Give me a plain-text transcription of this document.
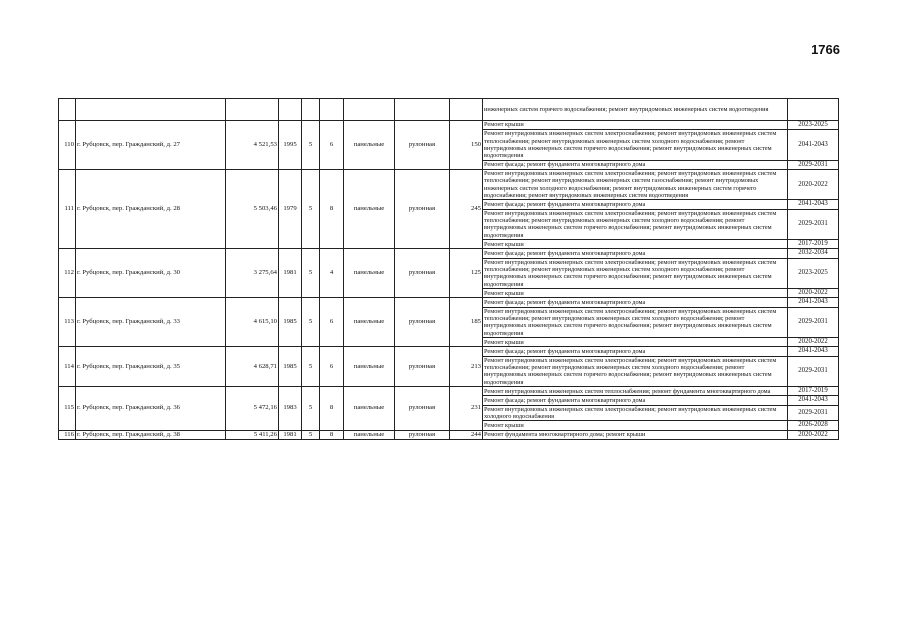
1766
									инженерных систем горячего водоснабжения; ремонт внутридомовых инженерных систем водоотведения	
110	г. Рубцовск, пер. Гражданский, д. 27	4 521,53	1995	5	6	панельные	рулонная	150	Ремонт крыши	2023-2025
									Ремонт внутридомовых инженерных систем электроснабжения; ремонт внутридомовых инженерных систем теплоснабжения; ремонт внутридомовых инженерных систем холодного водоснабжения; ремонт внутридомовых инженерных систем горячего водоснабжения; ремонт внутридомовых инженерных систем водоотведения	2041-2043
									Ремонт фасада; ремонт фундамента многоквартирного дома	2029-2031
111	г. Рубцовск, пер. Гражданский, д. 28	5 503,46	1979	5	8	панельные	рулонная	245	Ремонт внутридомовых инженерных систем электроснабжения; ремонт внутридомовых инженерных систем теплоснабжения; ремонт внутридомовых инженерных систем газоснабжения; ремонт внутридомовых инженерных систем холодного водоснабжения; ремонт внутридомовых инженерных систем горячего водоснабжения; ремонт внутридомовых инженерных систем водоотведения	2020-2022
									Ремонт фасада; ремонт фундамента многоквартирного дома	2041-2043
									Ремонт внутридомовых инженерных систем электроснабжения; ремонт внутридомовых инженерных систем теплоснабжения; ремонт внутридомовых инженерных систем холодного водоснабжения; ремонт внутридомовых инженерных систем горячего водоснабжения; ремонт внутридомовых инженерных систем водоотведения	2029-2031
									Ремонт крыши	2017-2019
112	г. Рубцовск, пер. Гражданский, д. 30	3 275,64	1981	5	4	панельные	рулонная	125	Ремонт фасада; ремонт фундамента многоквартирного дома	2032-2034
									Ремонт внутридомовых инженерных систем электроснабжения; ремонт внутридомовых инженерных систем теплоснабжения; ремонт внутридомовых инженерных систем холодного водоснабжения; ремонт внутридомовых инженерных систем горячего водоснабжения; ремонт внутридомовых инженерных систем водоотведения	2023-2025
									Ремонт крыши	2020-2022
113	г. Рубцовск, пер. Гражданский, д. 33	4 615,10	1985	5	6	панельные	рулонная	185	Ремонт фасада; ремонт фундамента многоквартирного дома	2041-2043
									Ремонт внутридомовых инженерных систем электроснабжения; ремонт внутридомовых инженерных систем теплоснабжения; ремонт внутридомовых инженерных систем холодного водоснабжения; ремонт внутридомовых инженерных систем горячего водоснабжения; ремонт внутридомовых инженерных систем водоотведения	2029-2031
									Ремонт крыши	2020-2022
114	г. Рубцовск, пер. Гражданский, д. 35	4 628,71	1985	5	6	панельные	рулонная	213	Ремонт фасада; ремонт фундамента многоквартирного дома	2041-2043
									Ремонт внутридомовых инженерных систем электроснабжения; ремонт внутридомовых инженерных систем теплоснабжения; ремонт внутридомовых инженерных систем холодного водоснабжения; ремонт внутридомовых инженерных систем горячего водоснабжения; ремонт внутридомовых инженерных систем водоотведения	2029-2031
115	г. Рубцовск, пер. Гражданский, д. 36	5 472,16	1983	5	8	панельные	рулонная	231	Ремонт внутридомовых инженерных систем теплоснабжения; ремонт фундамента многоквартирного дома	2017-2019
									Ремонт фасада; ремонт фундамента многоквартирного дома	2041-2043
									Ремонт внутридомовых инженерных систем электроснабжения; ремонт внутридомовых инженерных систем холодного водоснабжения	2029-2031
									Ремонт крыши	2026-2028
116	г. Рубцовск, пер. Гражданский, д. 38	5 411,26	1981	5	8	панельные	рулонная	244	Ремонт фундамента многоквартирного дома; ремонт крыши	2020-2022
